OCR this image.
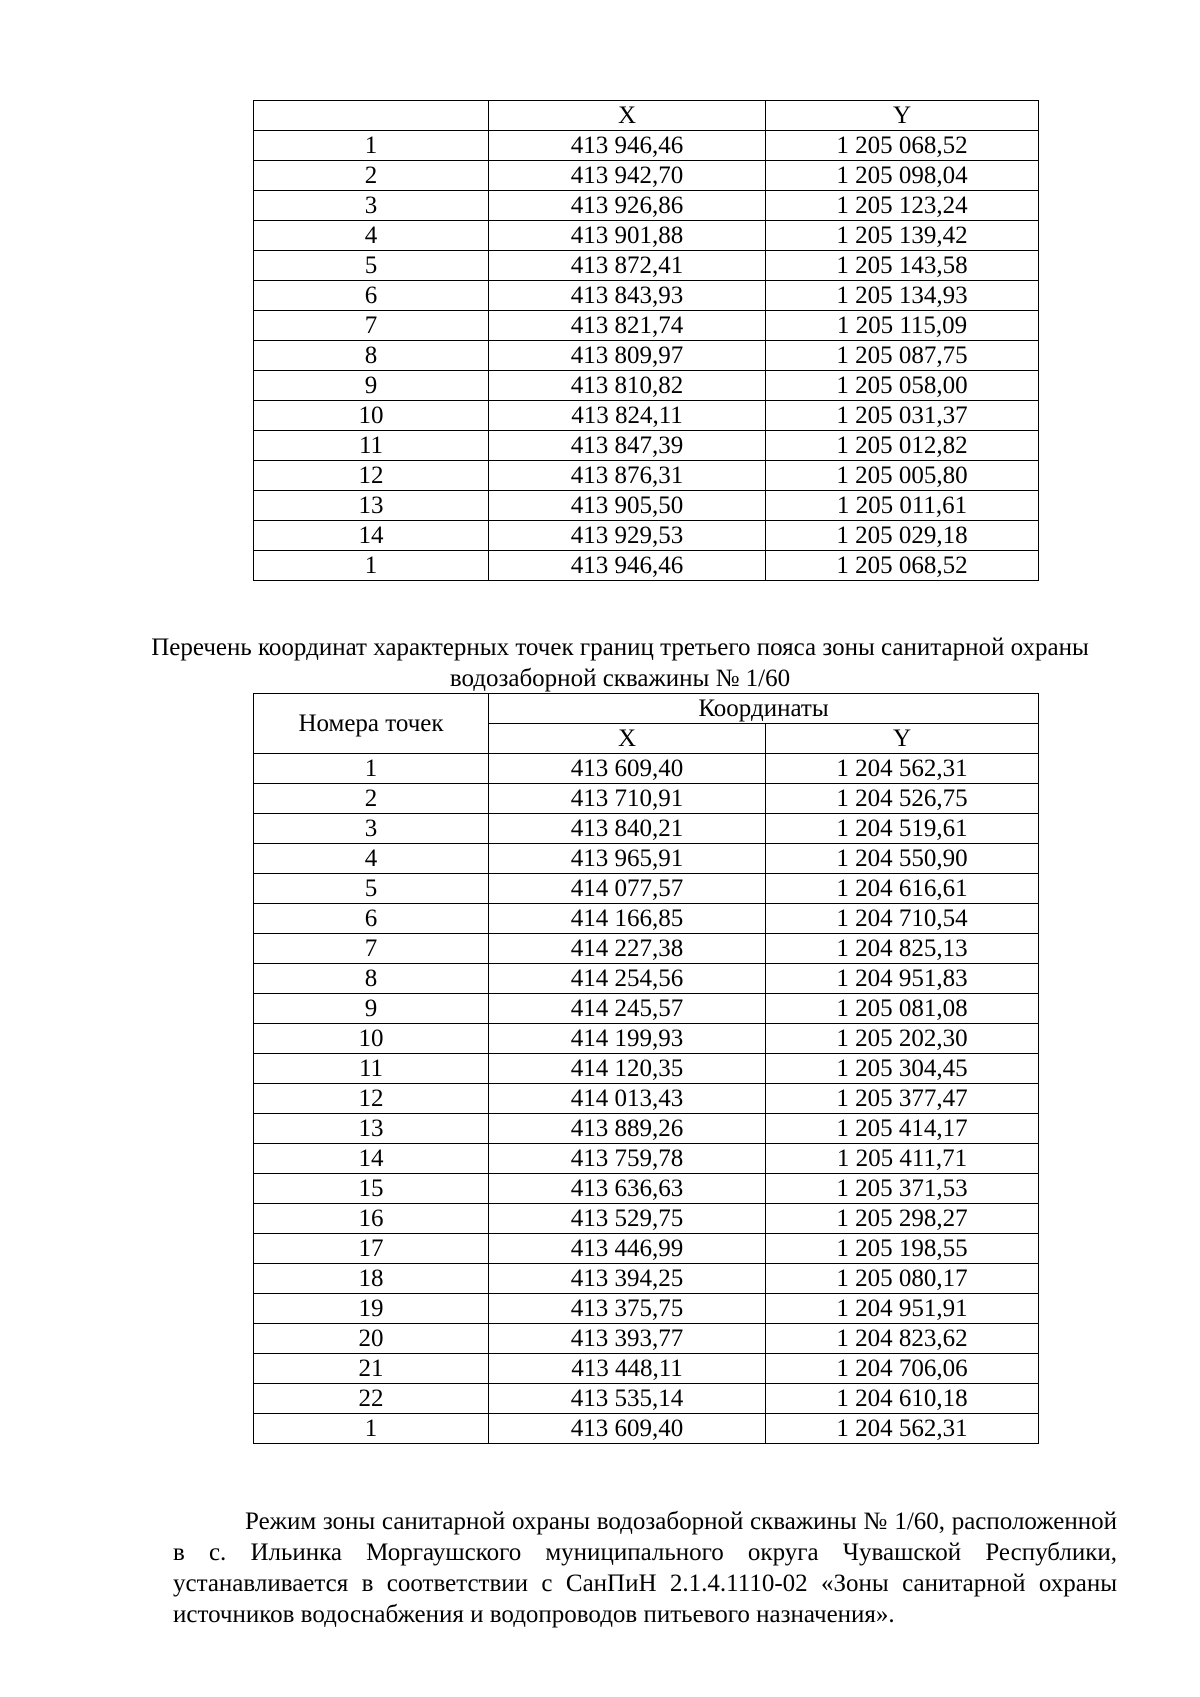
	X	Y
1	413 946,46	1 205 068,52
2	413 942,70	1 205 098,04
3	413 926,86	1 205 123,24
4	413 901,88	1 205 139,42
5	413 872,41	1 205 143,58
6	413 843,93	1 205 134,93
7	413 821,74	1 205 115,09
8	413 809,97	1 205 087,75
9	413 810,82	1 205 058,00
10	413 824,11	1 205 031,37
11	413 847,39	1 205 012,82
12	413 876,31	1 205 005,80
13	413 905,50	1 205 011,61
14	413 929,53	1 205 029,18
1	413 946,46	1 205 068,52
Перечень координат характерных точек границ третьего пояса зоны санитарной охраны водозаборной скважины № 1/60
Номера точек	Координаты	
	X	Y
1	413 609,40	1 204 562,31
2	413 710,91	1 204 526,75
3	413 840,21	1 204 519,61
4	413 965,91	1 204 550,90
5	414 077,57	1 204 616,61
6	414 166,85	1 204 710,54
7	414 227,38	1 204 825,13
8	414 254,56	1 204 951,83
9	414 245,57	1 205 081,08
10	414 199,93	1 205 202,30
11	414 120,35	1 205 304,45
12	414 013,43	1 205 377,47
13	413 889,26	1 205 414,17
14	413 759,78	1 205 411,71
15	413 636,63	1 205 371,53
16	413 529,75	1 205 298,27
17	413 446,99	1 205 198,55
18	413 394,25	1 205 080,17
19	413 375,75	1 204 951,91
20	413 393,77	1 204 823,62
21	413 448,11	1 204 706,06
22	413 535,14	1 204 610,18
1	413 609,40	1 204 562,31
Режим зоны санитарной охраны водозаборной скважины № 1/60, расположенной в с. Ильинка Моргаушского муниципального округа Чувашской Республики, устанавливается в соответствии с СанПиН 2.1.4.1110-02 «Зоны санитарной охраны источников водоснабжения и водопроводов питьевого назначения».
